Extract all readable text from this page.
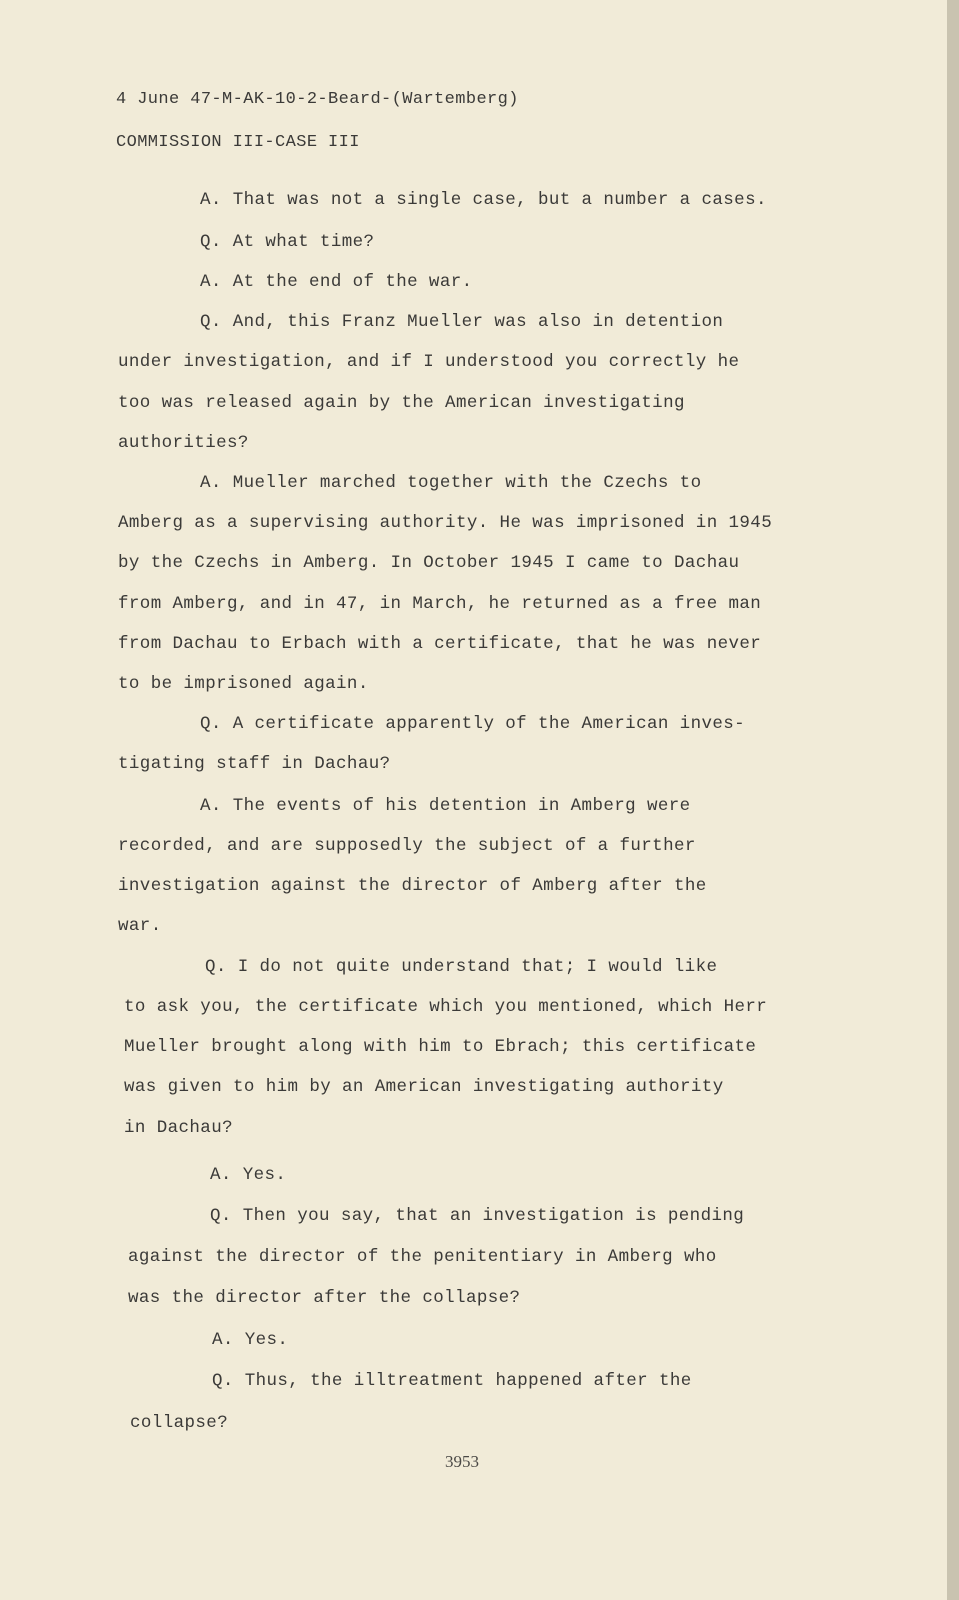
4 June 47-M-AK-10-2-Beard-(Wartemberg)

COMMISSION III-CASE III

A. That was not a single case, but a number a cases.

Q. At what time?

A. At the end of the war.

Q. And, this Franz Mueller was also in detention

under investigation, and if I understood you correctly he

too was released again by the American investigating

authorities?

A. Mueller marched together with the Czechs to

Amberg as a supervising authority. He was imprisoned in 1945

by the Czechs in Amberg. In October 1945 I came to Dachau

from Amberg, and in 47, in March, he returned as a free man

from Dachau to Erbach with a certificate, that he was never

to be imprisoned again.

Q. A certificate apparently of the American inves-

tigating staff in Dachau?

A. The events of his detention in Amberg were

recorded, and are supposedly the subject of a further

investigation against the director of Amberg after the

war.

Q. I do not quite understand that; I would like

to ask you, the certificate which you mentioned, which Herr

Mueller brought along with him to Ebrach; this certificate

was given to him by an American investigating authority

in Dachau?

A. Yes.

Q. Then you say, that an investigation is pending

against the director of the penitentiary in Amberg who

was the director after the collapse?

A. Yes.

Q. Thus, the illtreatment happened after the

collapse?

3953
